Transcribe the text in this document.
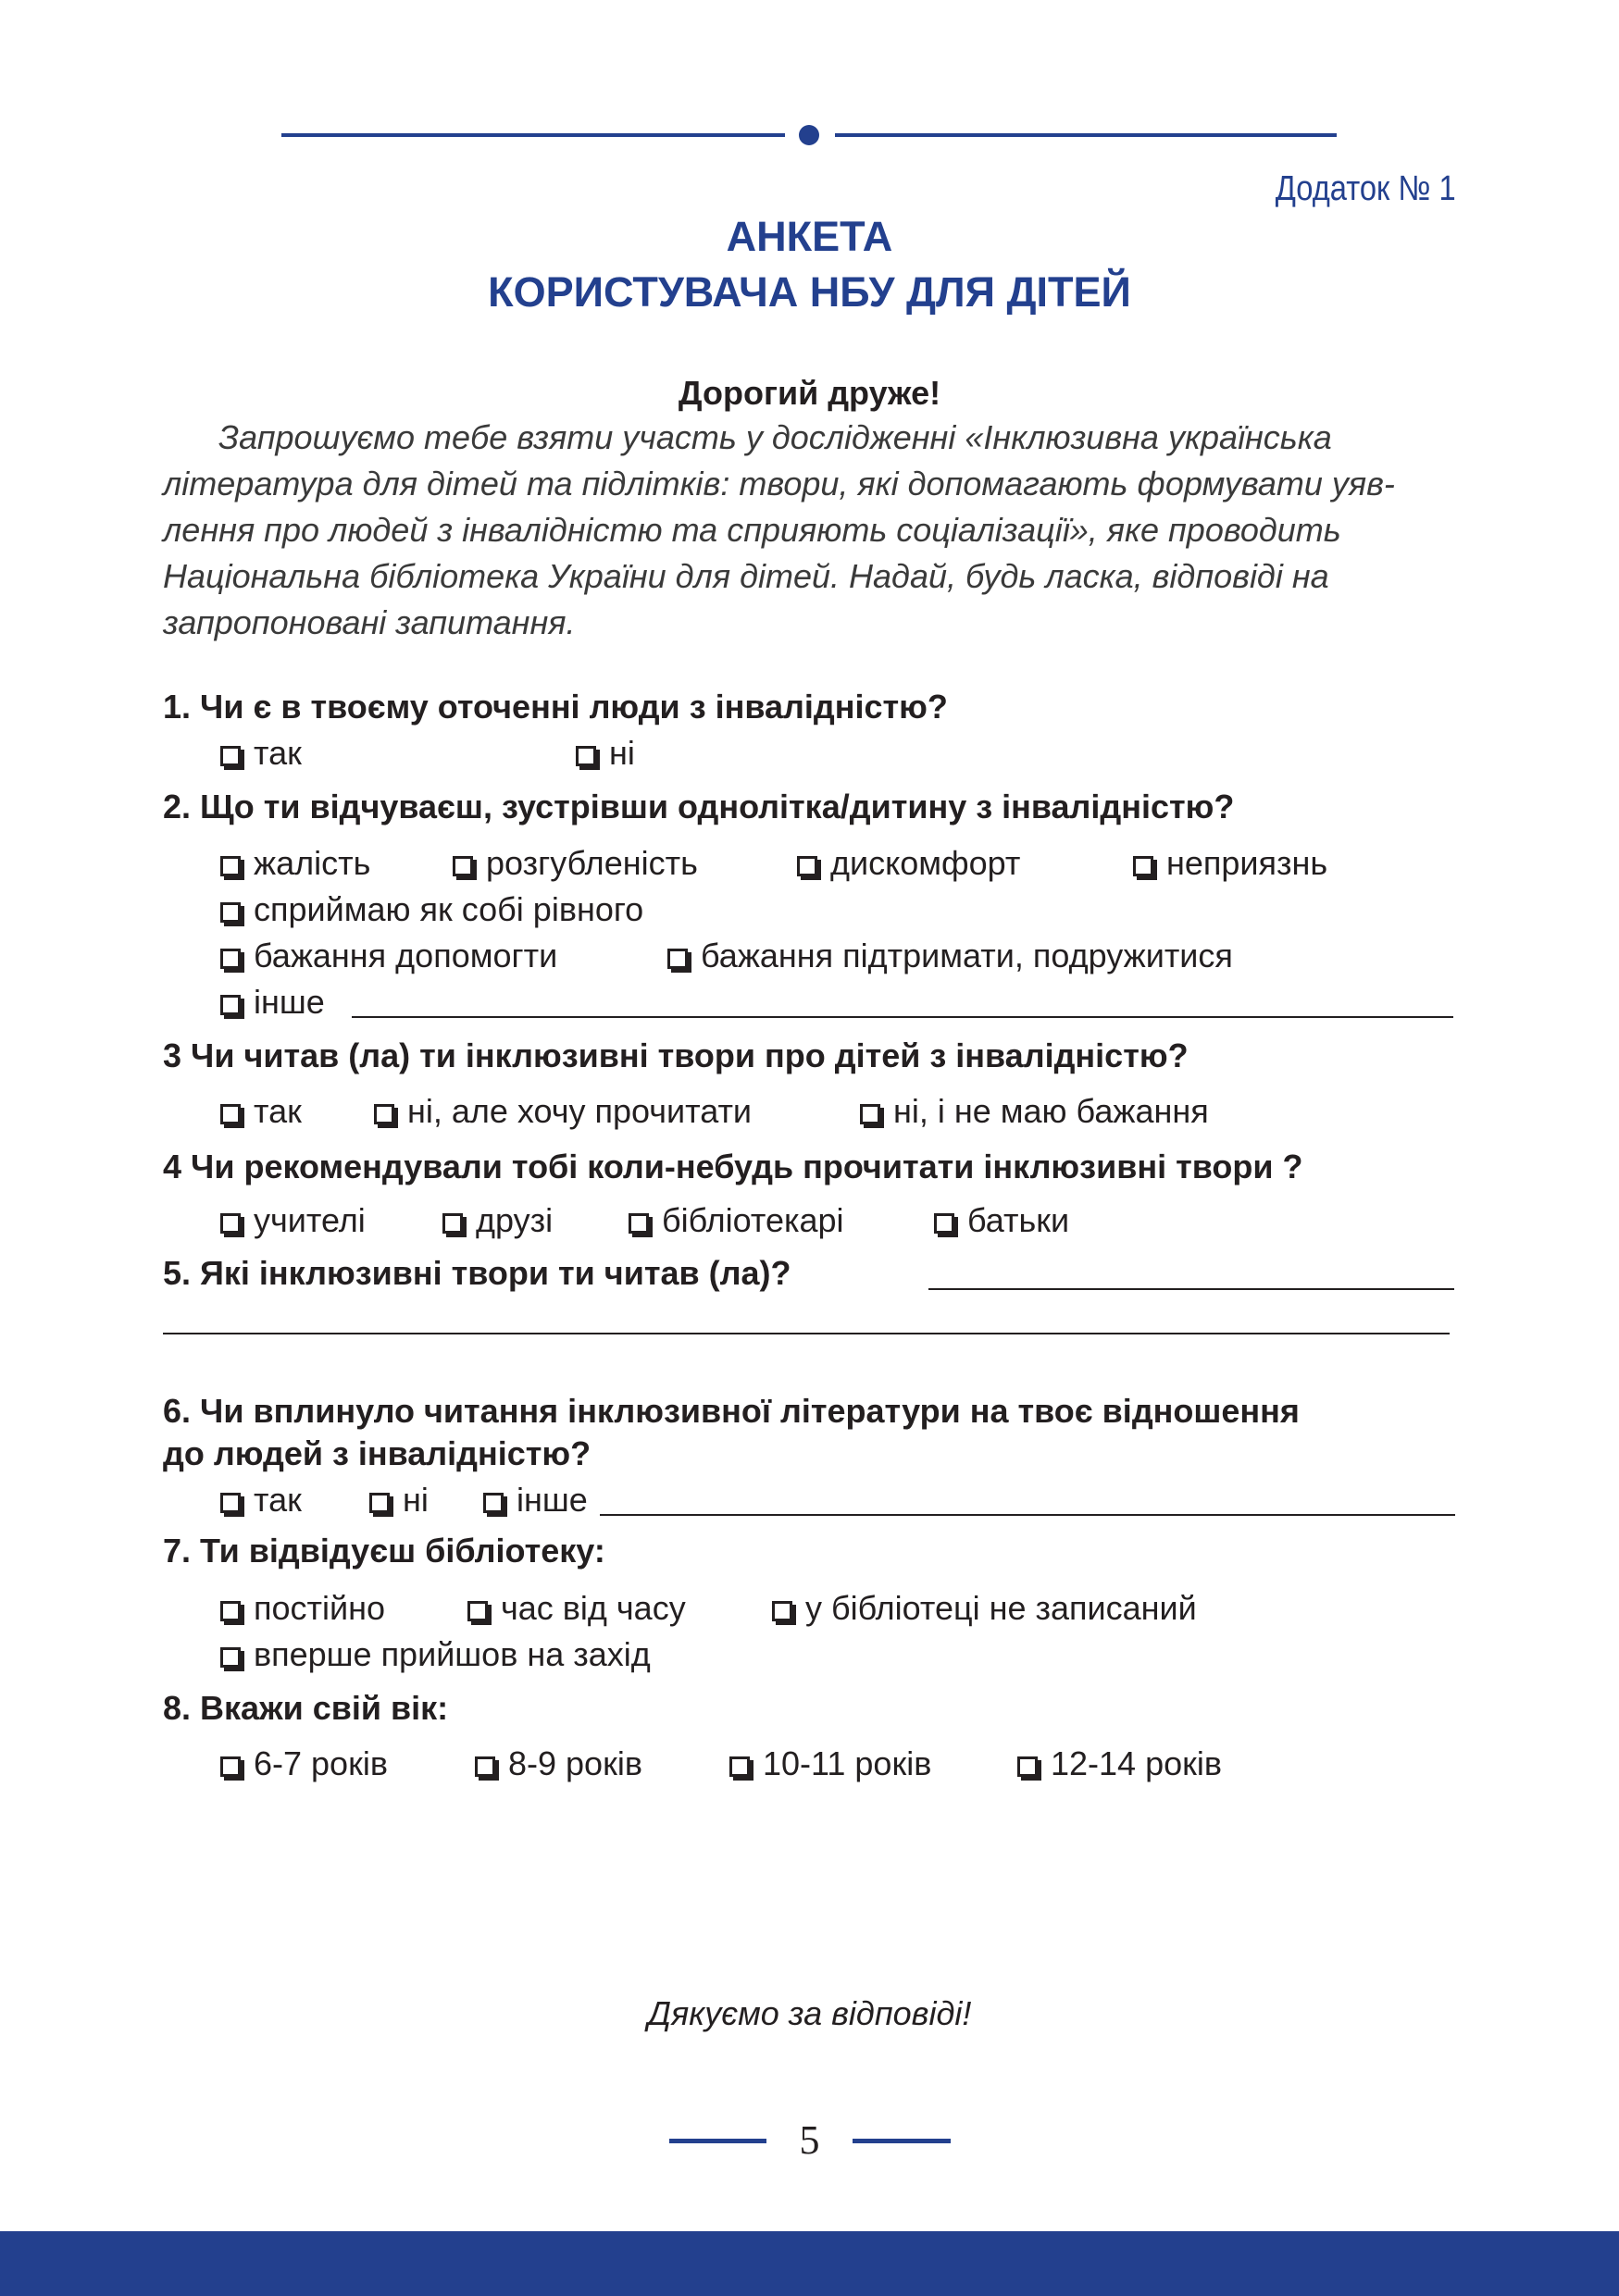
Додаток № 1
АНКЕТА
КОРИСТУВАЧА НБУ ДЛЯ ДІТЕЙ
Дорогий друже!
Запрошуємо тебе взяти участь у дослідженні «Інклюзивна українська
література для дітей та підлітків: твори, які допомагають формувати уяв-
лення про людей з інвалідністю та сприяють соціалізації», яке проводить
Національна бібліотека України для дітей. Надай, будь ласка, відповіді на
запропоновані запитання.
1. Чи є в твоєму оточенні люди з інвалідністю?
так	ні
2. Що ти відчуваєш, зустрівши однолітка/дитину з інвалідністю?
жалість	розгубленість	дискомфорт	неприязнь
сприймаю як собі рівного
бажання допомогти	бажання підтримати, подружитися
інше
3 Чи читав (ла) ти інклюзивні твори про дітей з інвалідністю?
так	ні, але хочу прочитати	ні, і не маю бажання
4 Чи рекомендували тобі коли-небудь прочитати інклюзивні твори ?
учителі	друзі	бібліотекарі	батьки
5. Які інклюзивні твори ти читав (ла)?
6. Чи вплинуло читання інклюзивної літератури на твоє відношення
до людей з інвалідністю?
так	ні	інше
7. Ти відвідуєш бібліотеку:
постійно	час від часу	у бібліотеці не записаний
вперше прийшов на захід
8. Вкажи свій вік:
6-7 років	8-9 років	10-11 років	12-14 років
Дякуємо за відповіді!
5
